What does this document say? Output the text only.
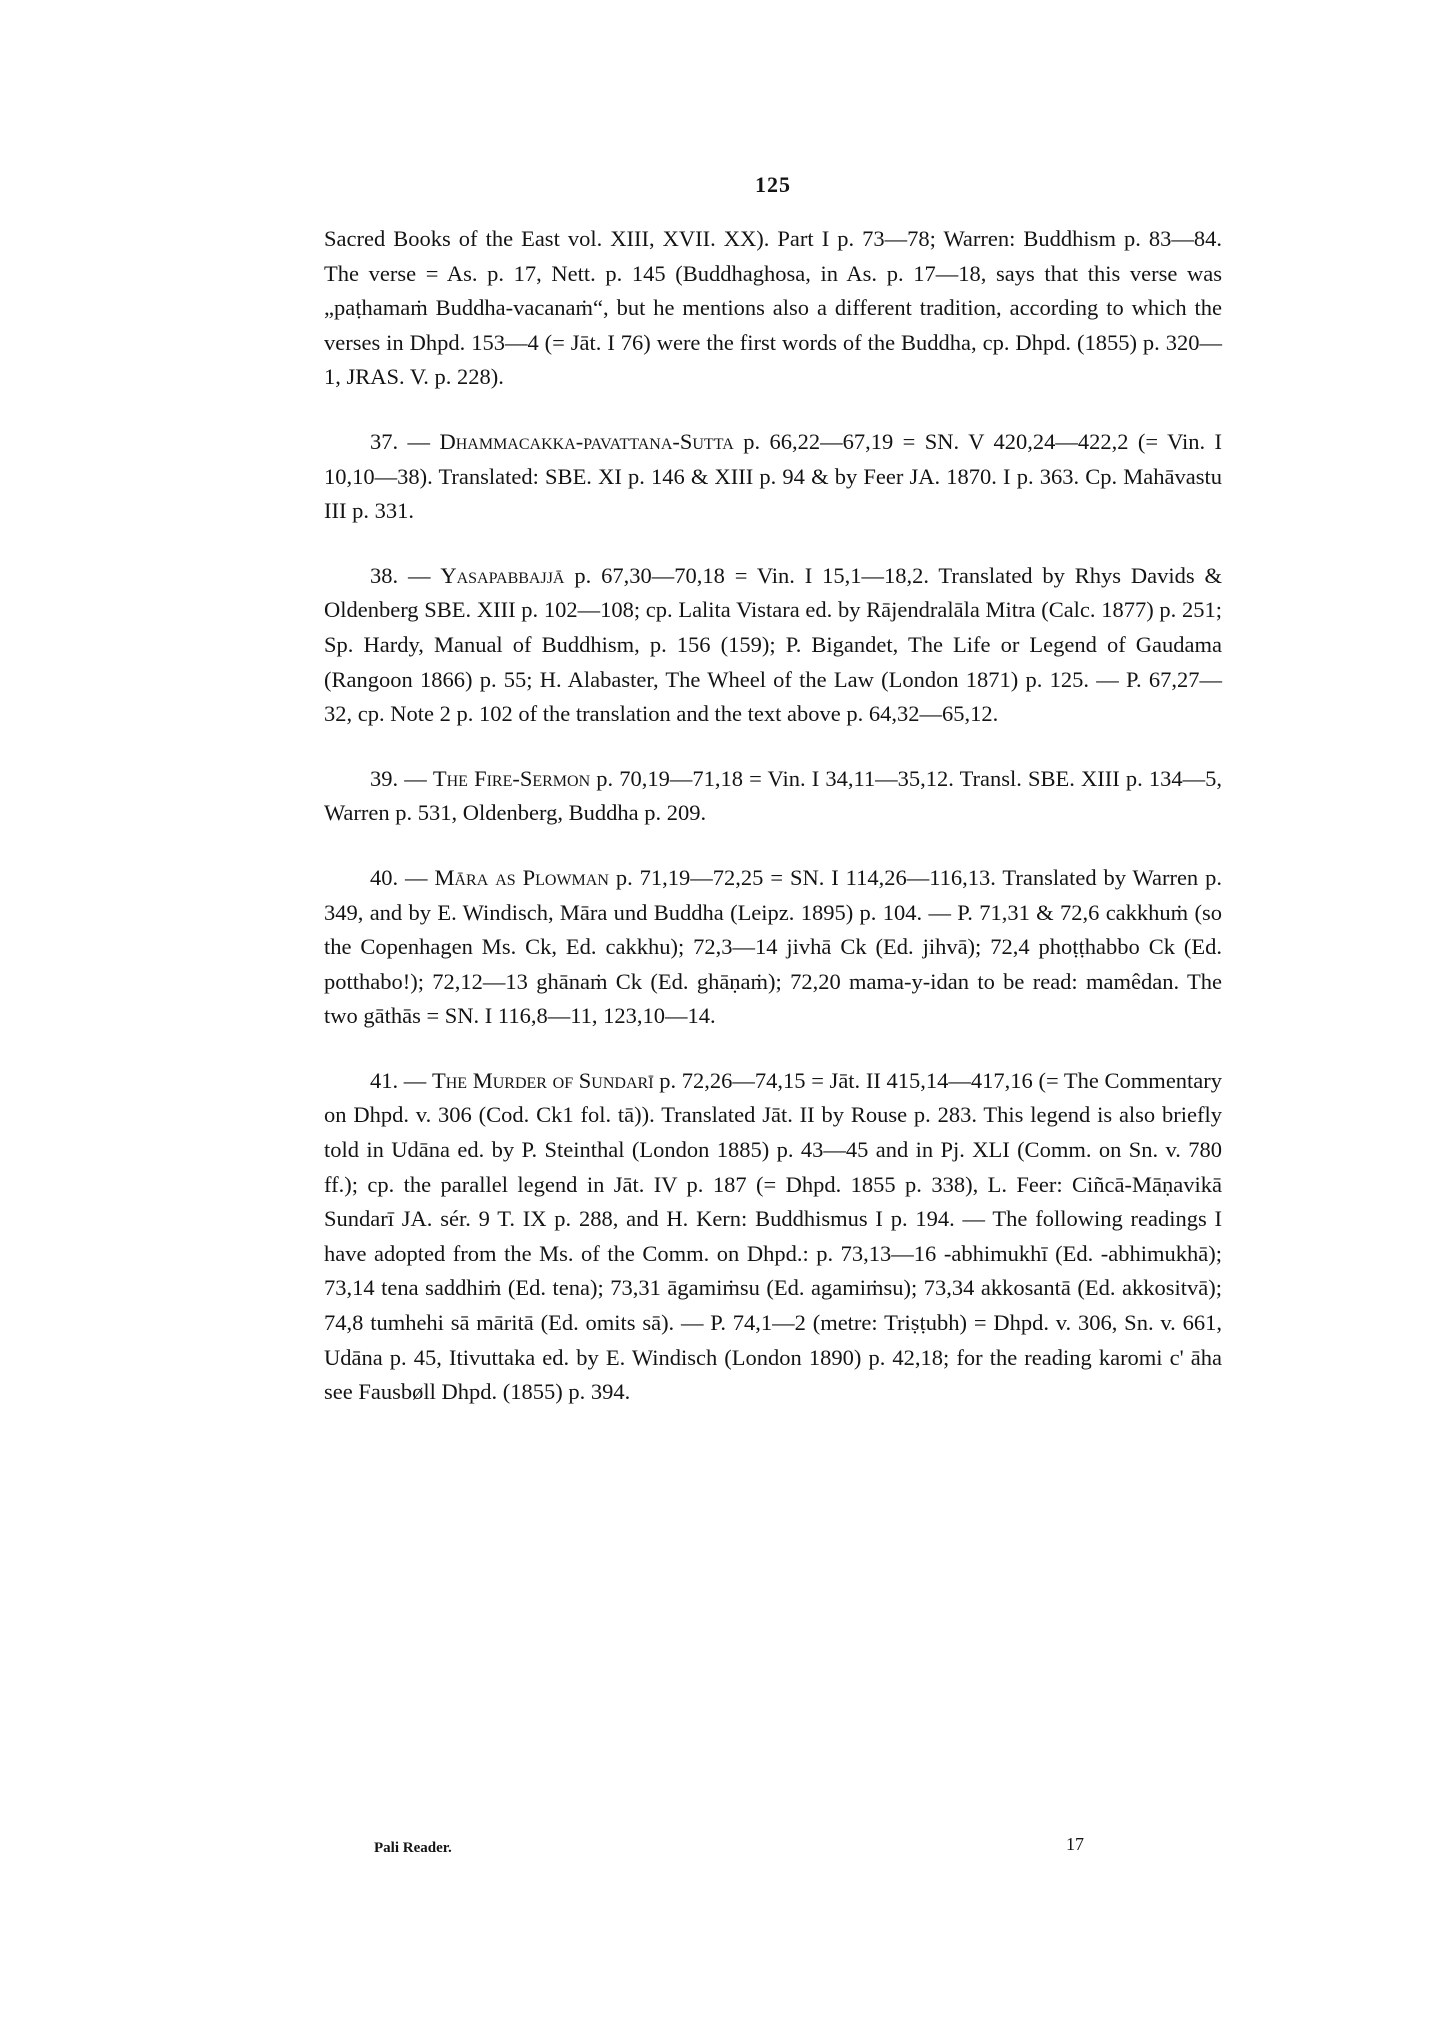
125

Sacred Books of the East vol. XIII, XVII. XX). Part I p. 73—78; Warren: Buddhism p. 83—84. The verse = As. p. 17, Nett. p. 145 (Buddhaghosa, in As. p. 17—18, says that this verse was „paṭhamaṁ Buddha-vacanaṁ“, but he mentions also a different tradition, according to which the verses in Dhpd. 153—4 (= Jāt. I 76) were the first words of the Buddha, cp. Dhpd. (1855) p. 320—1, JRAS. V. p. 228).

37. — Dhammacakka-pavattana-Sutta p. 66,22—67,19 = SN. V 420,24—422,2 (= Vin. I 10,10—38). Translated: SBE. XI p. 146 & XIII p. 94 & by Feer JA. 1870. I p. 363. Cp. Mahāvastu III p. 331.

38. — Yasapabbajjā p. 67,30—70,18 = Vin. I 15,1—18,2. Translated by Rhys Davids & Oldenberg SBE. XIII p. 102—108; cp. Lalita Vistara ed. by Rājendralāla Mitra (Calc. 1877) p. 251; Sp. Hardy, Manual of Buddhism, p. 156 (159); P. Bigandet, The Life or Legend of Gaudama (Rangoon 1866) p. 55; H. Alabaster, The Wheel of the Law (London 1871) p. 125. — P. 67,27—32, cp. Note 2 p. 102 of the translation and the text above p. 64,32—65,12.

39. — The Fire-Sermon p. 70,19—71,18 = Vin. I 34,11—35,12. Transl. SBE. XIII p. 134—5, Warren p. 531, Oldenberg, Buddha p. 209.

40. — Māra as Plowman p. 71,19—72,25 = SN. I 114,26—116,13. Translated by Warren p. 349, and by E. Windisch, Māra und Buddha (Leipz. 1895) p. 104. — P. 71,31 & 72,6 cakkhuṁ (so the Copenhagen Ms. Ck, Ed. cakkhu); 72,3—14 jivhā Ck (Ed. jihvā); 72,4 phoṭṭhabbo Ck (Ed. potthabo!); 72,12—13 ghānaṁ Ck (Ed. ghāṇaṁ); 72,20 mama-y-idan to be read: mamêdan. The two gāthās = SN. I 116,8—11, 123,10—14.

41. — The Murder of Sundarī p. 72,26—74,15 = Jāt. II 415,14—417,16 (= The Commentary on Dhpd. v. 306 (Cod. Ck1 fol. tā)). Translated Jāt. II by Rouse p. 283. This legend is also briefly told in Udāna ed. by P. Steinthal (London 1885) p. 43—45 and in Pj. XLI (Comm. on Sn. v. 780 ff.); cp. the parallel legend in Jāt. IV p. 187 (= Dhpd. 1855 p. 338), L. Feer: Ciñcā-Māṇavikā Sundarī JA. sér. 9 T. IX p. 288, and H. Kern: Buddhismus I p. 194. — The following readings I have adopted from the Ms. of the Comm. on Dhpd.: p. 73,13—16 -abhimukhī (Ed. -abhimukhā); 73,14 tena saddhiṁ (Ed. tena); 73,31 āgamiṁsu (Ed. agamiṁsu); 73,34 akkosantā (Ed. akkositvā); 74,8 tumhehi sā māritā (Ed. omits sā). — P. 74,1—2 (metre: Triṣṭubh) = Dhpd. v. 306, Sn. v. 661, Udāna p. 45, Itivuttaka ed. by E. Windisch (London 1890) p. 42,18; for the reading karomi c' āha see Fausbøll Dhpd. (1855) p. 394.

Pali Reader.	17
